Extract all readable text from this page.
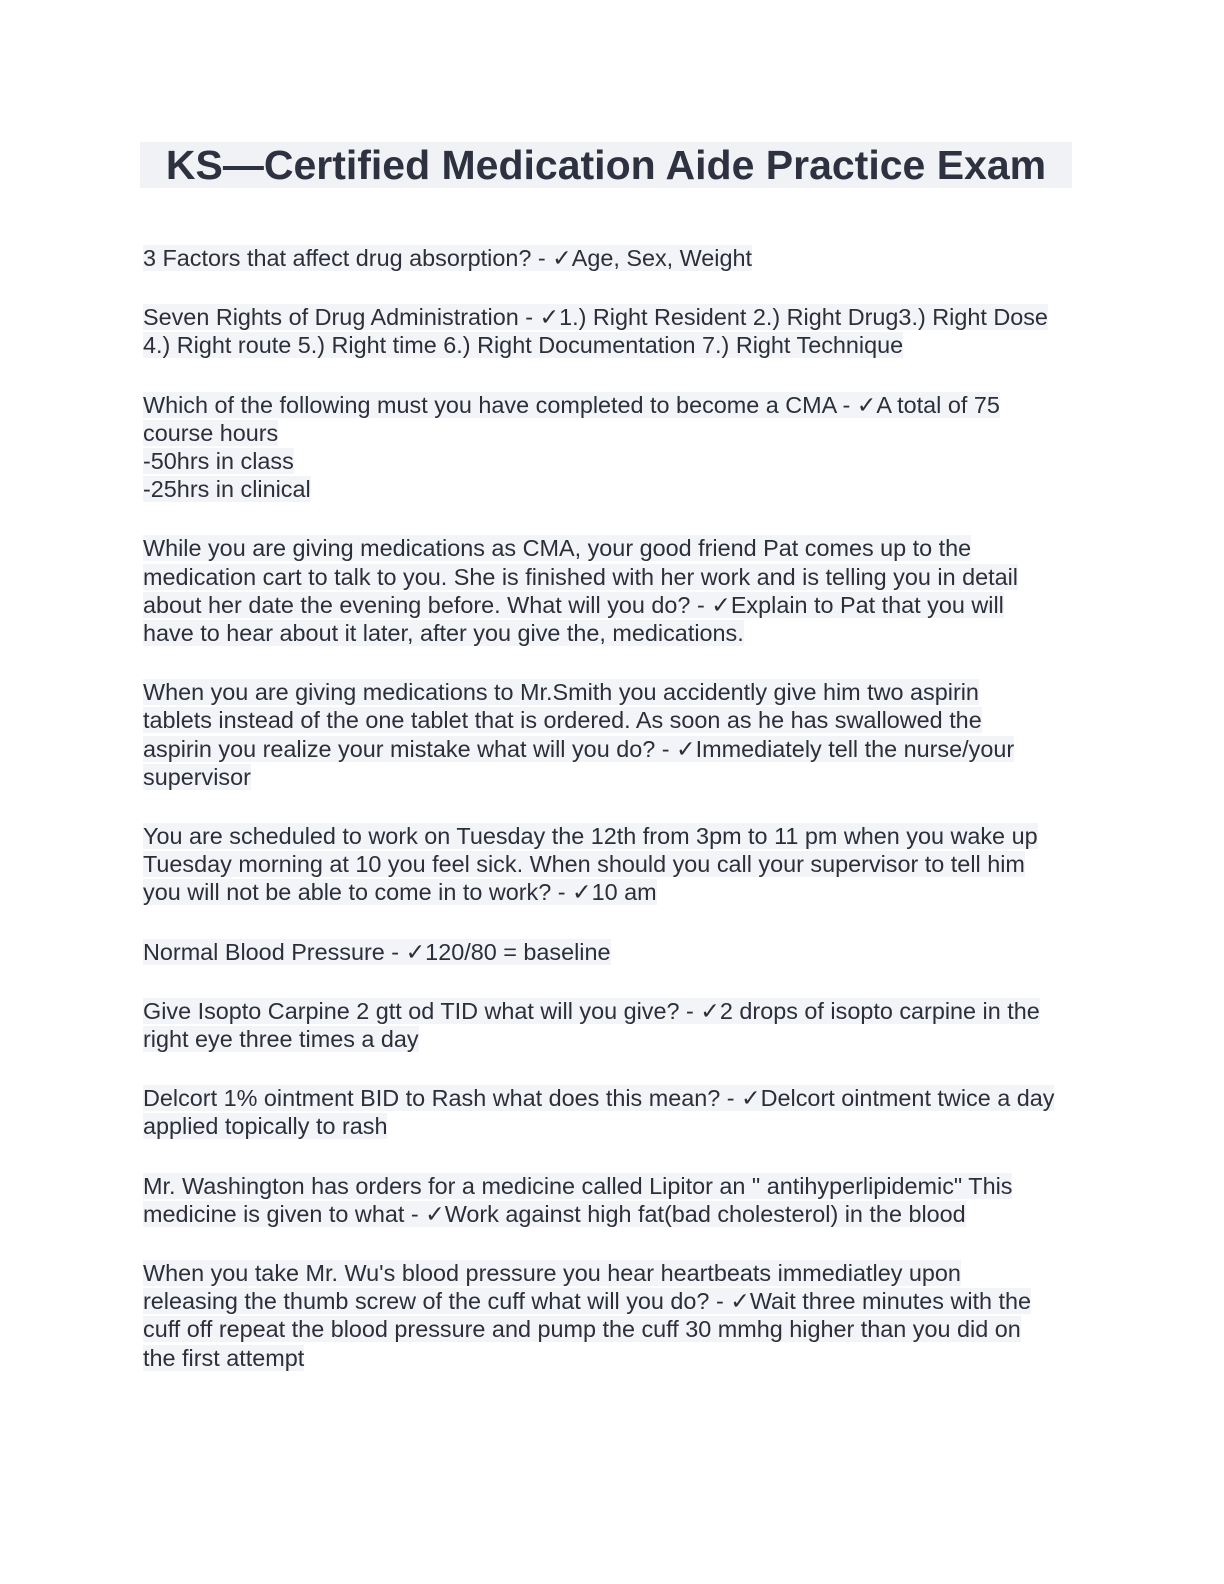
KS—Certified Medication Aide Practice Exam
3 Factors that affect drug absorption? - ✓Age, Sex, Weight
Seven Rights of Drug Administration - ✓1.) Right Resident 2.) Right Drug3.) Right Dose
4.) Right route 5.) Right time 6.) Right Documentation 7.) Right Technique
Which of the following must you have completed to become a CMA - ✓A total of 75
course hours
-50hrs in class
-25hrs in clinical
While you are giving medications as CMA, your good friend Pat comes up to the
medication cart to talk to you. She is finished with her work and is telling you in detail
about her date the evening before. What will you do? - ✓Explain to Pat that you will
have to hear about it later, after you give the, medications.
When you are giving medications to Mr.Smith you accidently give him two aspirin
tablets instead of the one tablet that is ordered. As soon as he has swallowed the
aspirin you realize your mistake what will you do? - ✓Immediately tell the nurse/your
supervisor
You are scheduled to work on Tuesday the 12th from 3pm to 11 pm when you wake up
Tuesday morning at 10 you feel sick. When should you call your supervisor to tell him
you will not be able to come in to work? - ✓10 am
Normal Blood Pressure - ✓120/80 = baseline
Give Isopto Carpine 2 gtt od TID what will you give? - ✓2 drops of isopto carpine in the
right eye three times a day
Delcort 1% ointment BID to Rash what does this mean? - ✓Delcort ointment twice a day
applied topically to rash
Mr. Washington has orders for a medicine called Lipitor an " antihyperlipidemic" This
medicine is given to what - ✓Work against high fat(bad cholesterol) in the blood
When you take Mr. Wu's blood pressure you hear heartbeats immediatley upon
releasing the thumb screw of the cuff what will you do? - ✓Wait three minutes with the
cuff off repeat the blood pressure and pump the cuff 30 mmhg higher than you did on
the first attempt
